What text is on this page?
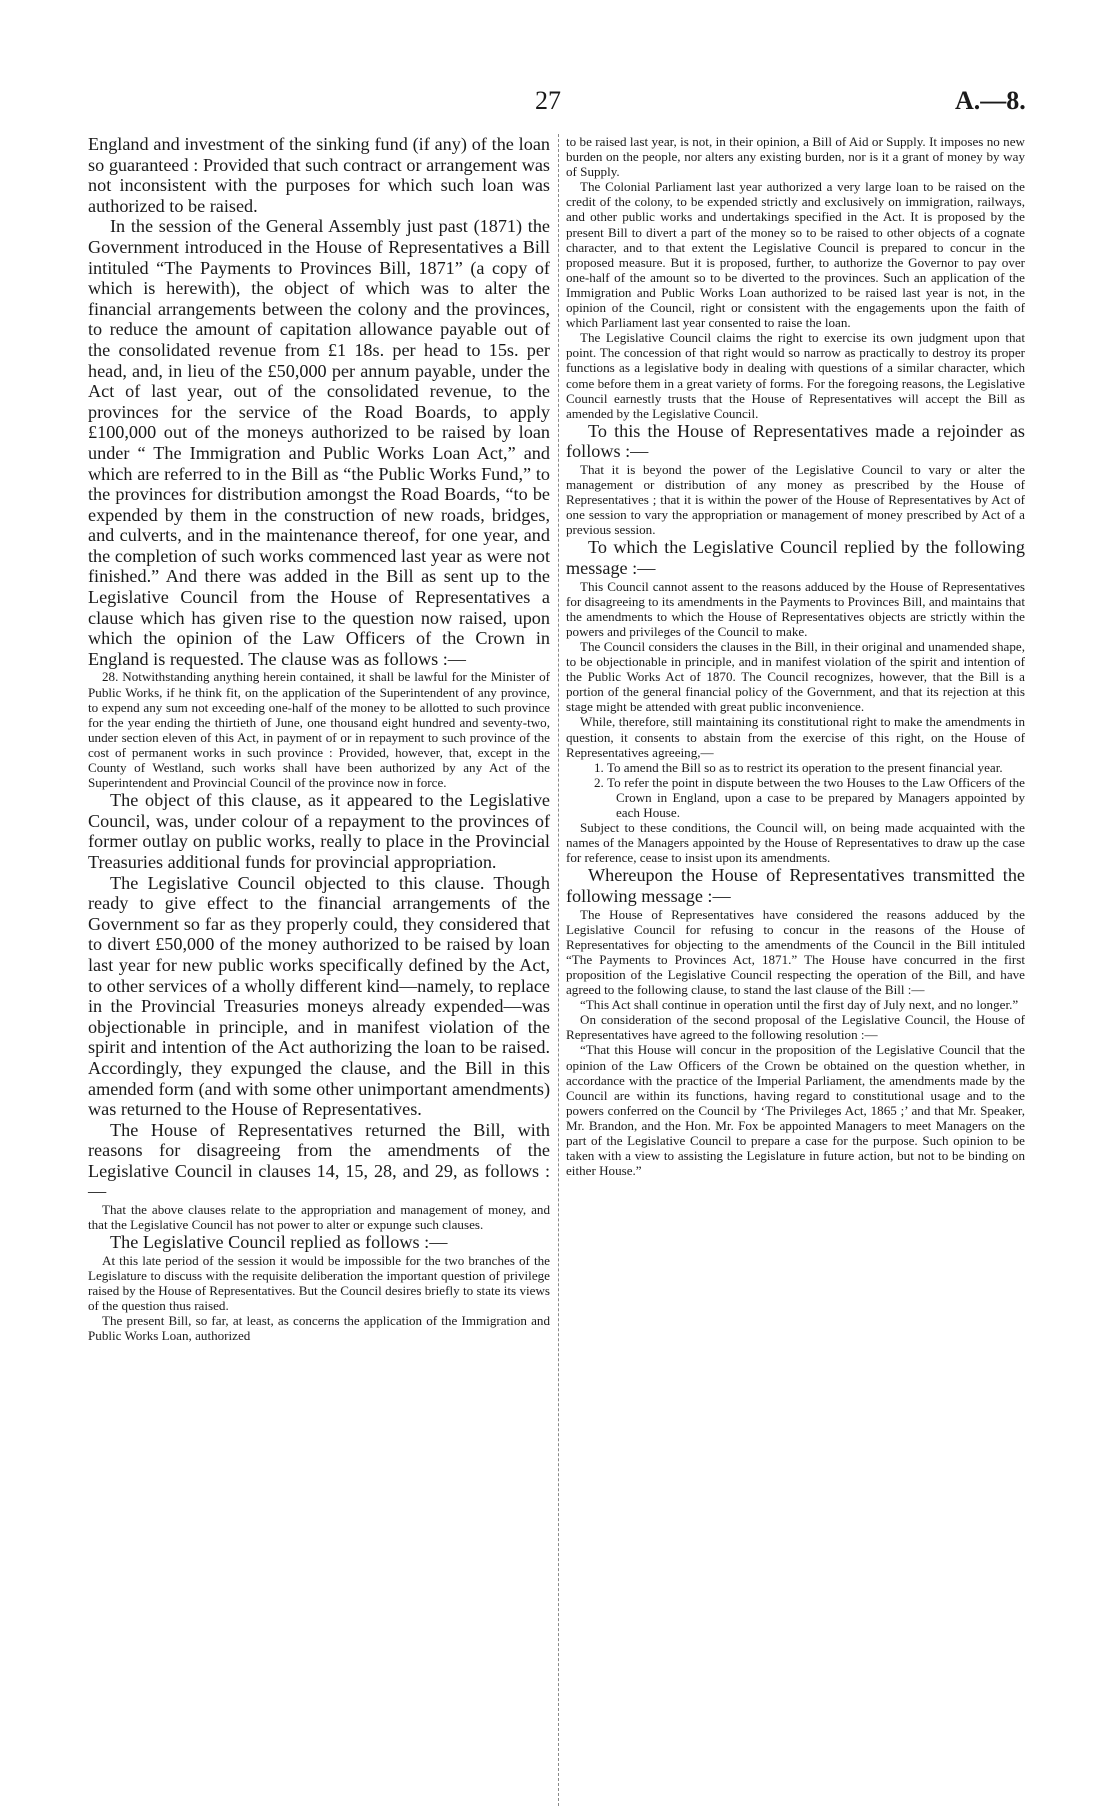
27	A.—8.

England and investment of the sinking fund (if any) of the loan so guaranteed : Provided that such contract or arrangement was not inconsistent with the purposes for which such loan was authorized to be raised.

In the session of the General Assembly just past (1871) the Government introduced in the House of Representatives a Bill intituled “The Payments to Provinces Bill, 1871” (a copy of which is herewith), the object of which was to alter the financial arrangements between the colony and the provinces, to reduce the amount of capitation allowance payable out of the consolidated revenue from £1 18s. per head to 15s. per head, and, in lieu of the £50,000 per annum payable, under the Act of last year, out of the consolidated revenue, to the provinces for the service of the Road Boards, to apply £100,000 out of the moneys authorized to be raised by loan under “ The Immigration and Public Works Loan Act,” and which are referred to in the Bill as “the Public Works Fund,” to the provinces for distribution amongst the Road Boards, “to be expended by them in the construction of new roads, bridges, and culverts, and in the maintenance thereof, for one year, and the completion of such works commenced last year as were not finished.” And there was added in the Bill as sent up to the Legislative Council from the House of Representatives a clause which has given rise to the question now raised, upon which the opinion of the Law Officers of the Crown in England is requested. The clause was as follows :—

28. Notwithstanding anything herein contained, it shall be lawful for the Minister of Public Works, if he think fit, on the application of the Superintendent of any province, to expend any sum not exceeding one-half of the money to be allotted to such province for the year ending the thirtieth of June, one thousand eight hundred and seventy-two, under section eleven of this Act, in payment of or in repayment to such province of the cost of permanent works in such province : Provided, however, that, except in the County of Westland, such works shall have been authorized by any Act of the Superintendent and Provincial Council of the province now in force.

The object of this clause, as it appeared to the Legislative Council, was, under colour of a repayment to the provinces of former outlay on public works, really to place in the Provincial Treasuries additional funds for provincial appropriation.

The Legislative Council objected to this clause. Though ready to give effect to the financial arrangements of the Government so far as they properly could, they considered that to divert £50,000 of the money authorized to be raised by loan last year for new public works specifically defined by the Act, to other services of a wholly different kind—namely, to replace in the Provincial Treasuries moneys already expended—was objectionable in principle, and in manifest violation of the spirit and intention of the Act authorizing the loan to be raised. Accordingly, they expunged the clause, and the Bill in this amended form (and with some other unimportant amendments) was returned to the House of Representatives.

The House of Representatives returned the Bill, with reasons for disagreeing from the amendments of the Legislative Council in clauses 14, 15, 28, and 29, as follows :—

That the above clauses relate to the appropriation and management of money, and that the Legislative Council has not power to alter or expunge such clauses.

The Legislative Council replied as follows :—

At this late period of the session it would be impossible for the two branches of the Legislature to discuss with the requisite deliberation the important question of privilege raised by the House of Representatives. But the Council desires briefly to state its views of the question thus raised.

The present Bill, so far, at least, as concerns the application of the Immigration and Public Works Loan, authorized

to be raised last year, is not, in their opinion, a Bill of Aid or Supply. It imposes no new burden on the people, nor alters any existing burden, nor is it a grant of money by way of Supply.

The Colonial Parliament last year authorized a very large loan to be raised on the credit of the colony, to be expended strictly and exclusively on immigration, railways, and other public works and undertakings specified in the Act. It is proposed by the present Bill to divert a part of the money so to be raised to other objects of a cognate character, and to that extent the Legislative Council is prepared to concur in the proposed measure. But it is proposed, further, to authorize the Governor to pay over one-half of the amount so to be diverted to the provinces. Such an application of the Immigration and Public Works Loan authorized to be raised last year is not, in the opinion of the Council, right or consistent with the engagements upon the faith of which Parliament last year consented to raise the loan.

The Legislative Council claims the right to exercise its own judgment upon that point. The concession of that right would so narrow as practically to destroy its proper functions as a legislative body in dealing with questions of a similar character, which come before them in a great variety of forms. For the foregoing reasons, the Legislative Council earnestly trusts that the House of Representatives will accept the Bill as amended by the Legislative Council.

To this the House of Representatives made a rejoinder as follows :—

That it is beyond the power of the Legislative Council to vary or alter the management or distribution of any money as prescribed by the House of Representatives ; that it is within the power of the House of Representatives by Act of one session to vary the appropriation or management of money prescribed by Act of a previous session.

To which the Legislative Council replied by the following message :—

This Council cannot assent to the reasons adduced by the House of Representatives for disagreeing to its amendments in the Payments to Provinces Bill, and maintains that the amendments to which the House of Representatives objects are strictly within the powers and privileges of the Council to make.

The Council considers the clauses in the Bill, in their original and unamended shape, to be objectionable in principle, and in manifest violation of the spirit and intention of the Public Works Act of 1870. The Council recognizes, however, that the Bill is a portion of the general financial policy of the Government, and that its rejection at this stage might be attended with great public inconvenience.

While, therefore, still maintaining its constitutional right to make the amendments in question, it consents to abstain from the exercise of this right, on the House of Representatives agreeing,—

1. To amend the Bill so as to restrict its operation to the present financial year.

2. To refer the point in dispute between the two Houses to the Law Officers of the Crown in England, upon a case to be prepared by Managers appointed by each House.

Subject to these conditions, the Council will, on being made acquainted with the names of the Managers appointed by the House of Representatives to draw up the case for reference, cease to insist upon its amendments.

Whereupon the House of Representatives transmitted the following message :—

The House of Representatives have considered the reasons adduced by the Legislative Council for refusing to concur in the reasons of the House of Representatives for objecting to the amendments of the Council in the Bill intituled “The Payments to Provinces Act, 1871.” The House have concurred in the first proposition of the Legislative Council respecting the operation of the Bill, and have agreed to the following clause, to stand the last clause of the Bill :—

“This Act shall continue in operation until the first day of July next, and no longer.”

On consideration of the second proposal of the Legislative Council, the House of Representatives have agreed to the following resolution :—

“That this House will concur in the proposition of the Legislative Council that the opinion of the Law Officers of the Crown be obtained on the question whether, in accordance with the practice of the Imperial Parliament, the amendments made by the Council are within its functions, having regard to constitutional usage and to the powers conferred on the Council by ‘The Privileges Act, 1865 ;’ and that Mr. Speaker, Mr. Brandon, and the Hon. Mr. Fox be appointed Managers to meet Managers on the part of the Legislative Council to prepare a case for the purpose. Such opinion to be taken with a view to assisting the Legislature in future action, but not to be binding on either House.”
